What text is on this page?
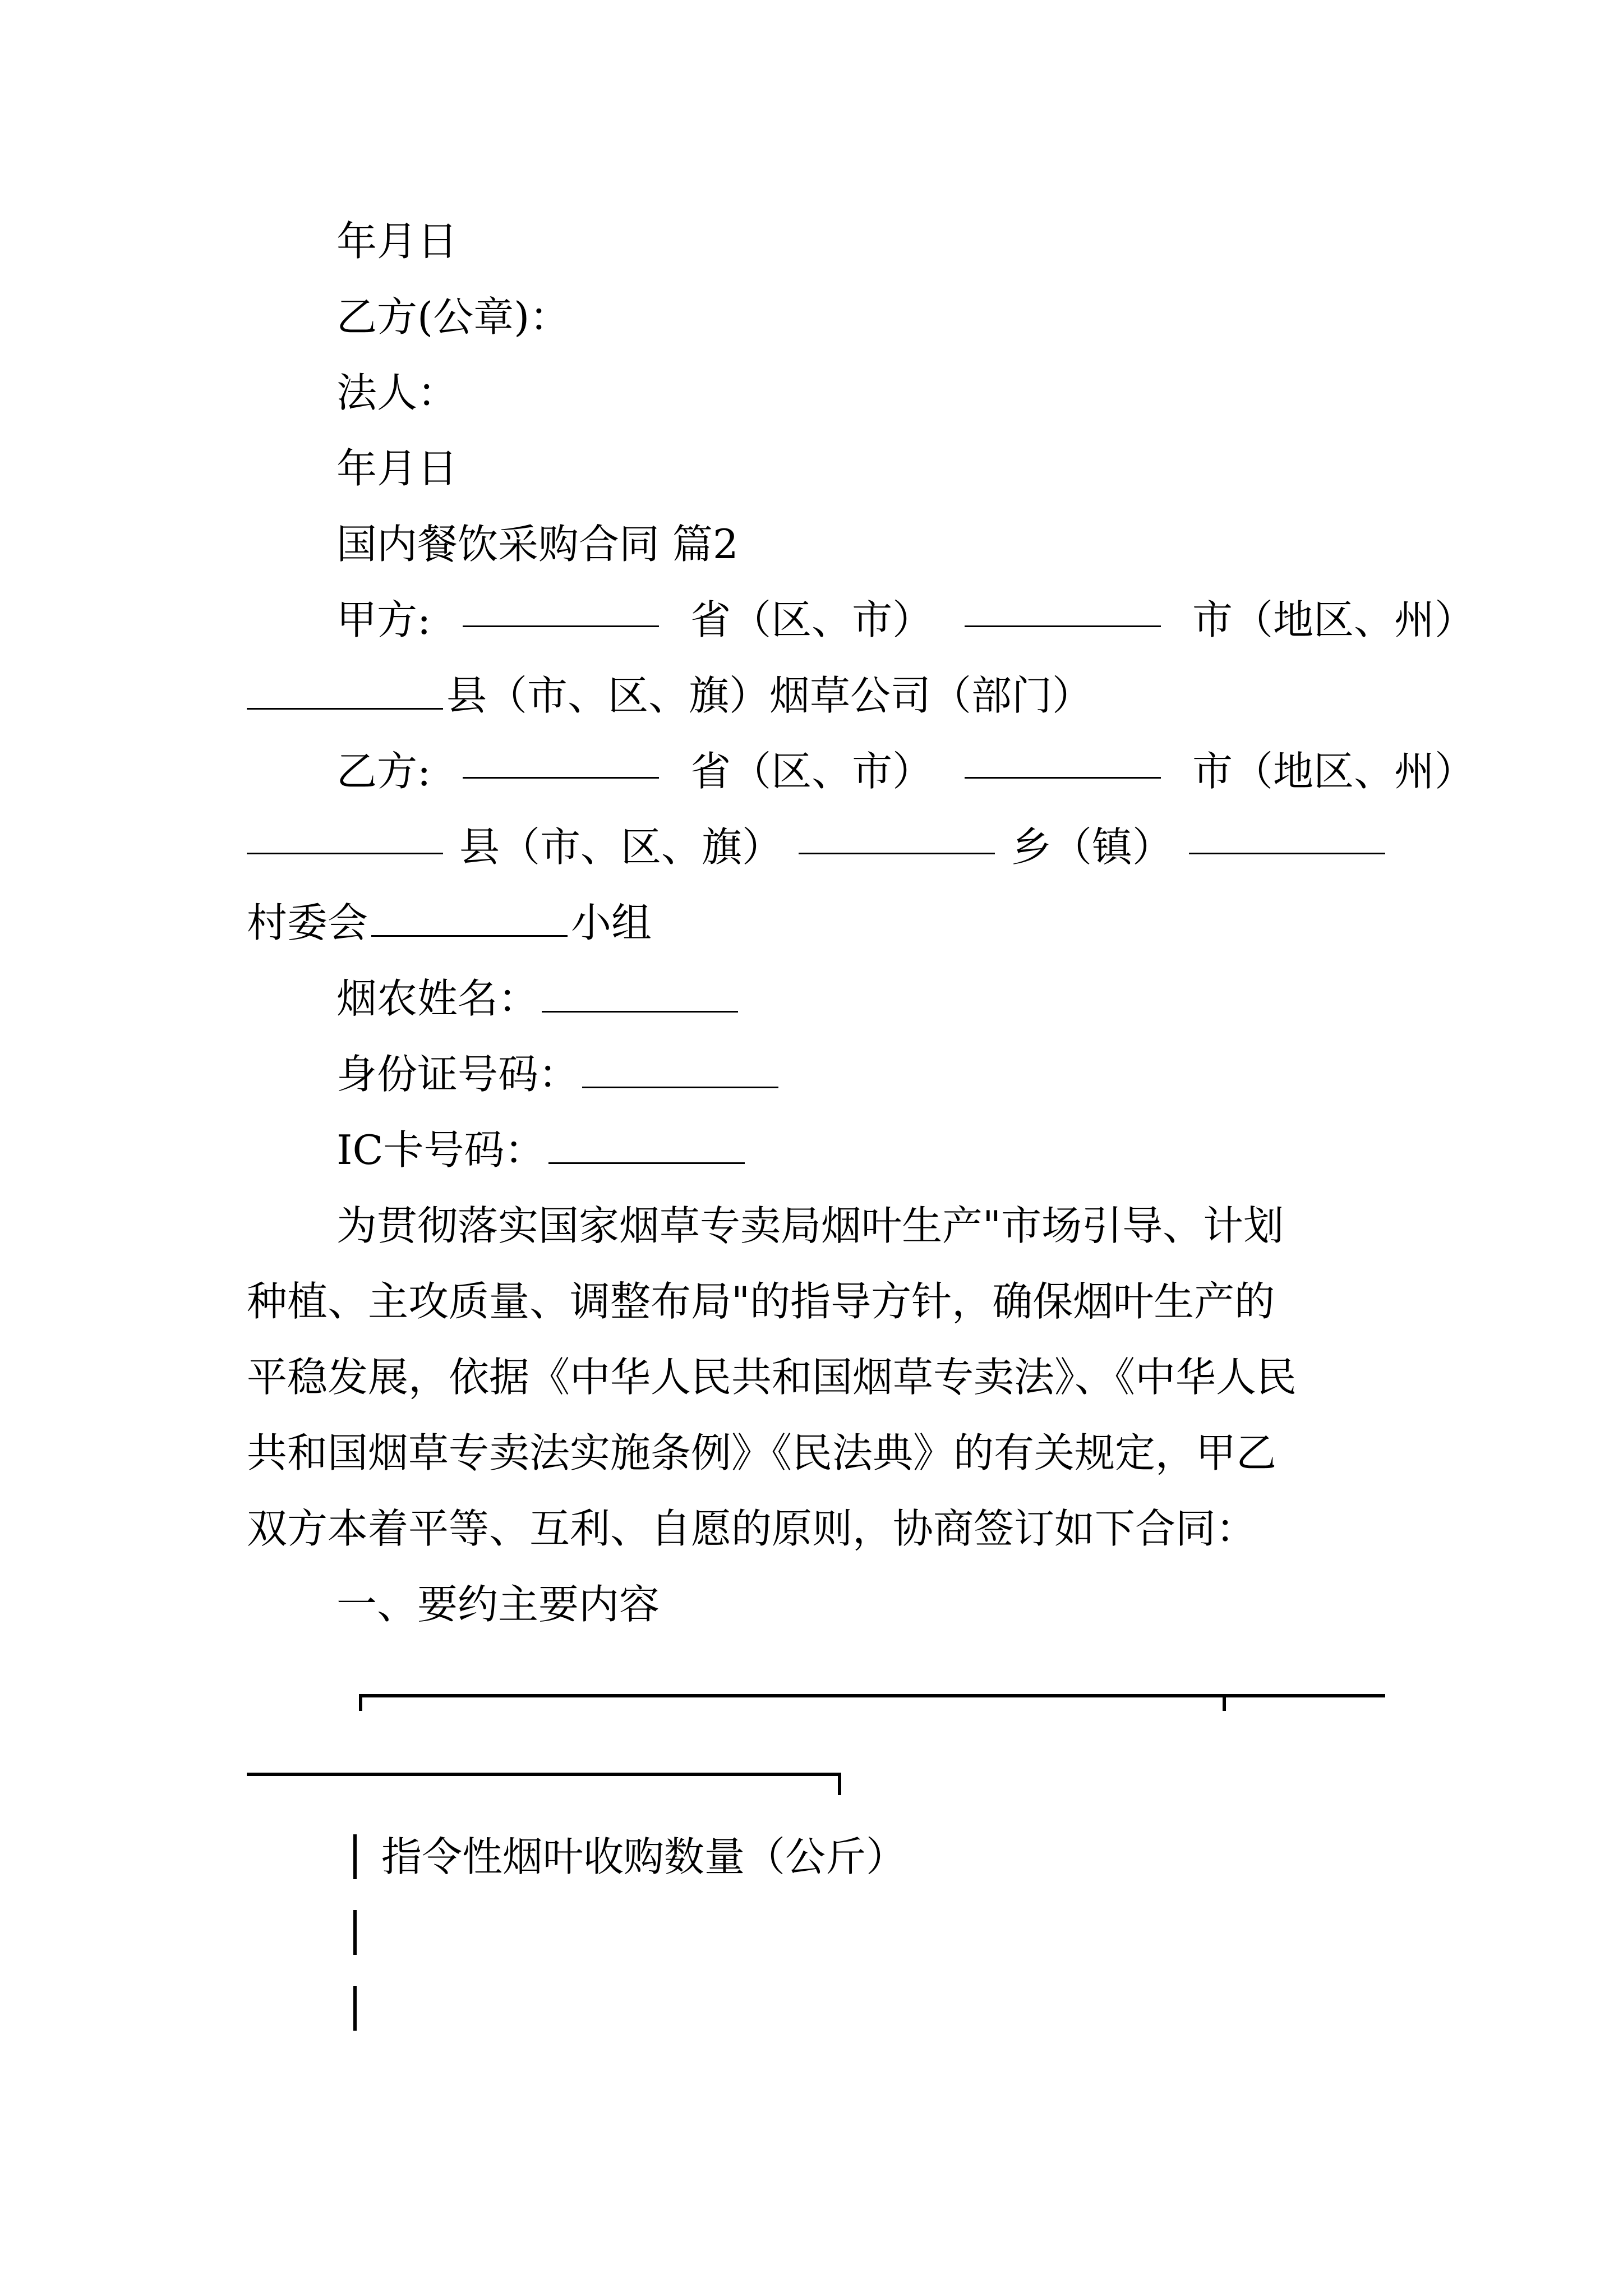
年月日
乙方(公章)：
法人：
年月日
国内餐饮采购合同 篇2
甲方:	省（区、市）	市（地区、州）
县（市、区、旗）烟草公司（部门）
乙方:	省（区、市）	市（地区、州）
县（市、区、旗）	乡（镇）
村委会	小组
烟农姓名：
身份证号码：
IC卡号码：
为贯彻落实国家烟草专卖局烟叶生产"市场引导、计划
种植、主攻质量、调整布局"的指导方针，确保烟叶生产的
平稳发展，依据《中华人民共和国烟草专卖法》、《中华人民
共和国烟草专卖法实施条例》《民法典》的有关规定，甲乙
双方本着平等、互利、自愿的原则，协商签订如下合同：
一、要约主要内容
指令性烟叶收购数量（公斤）
